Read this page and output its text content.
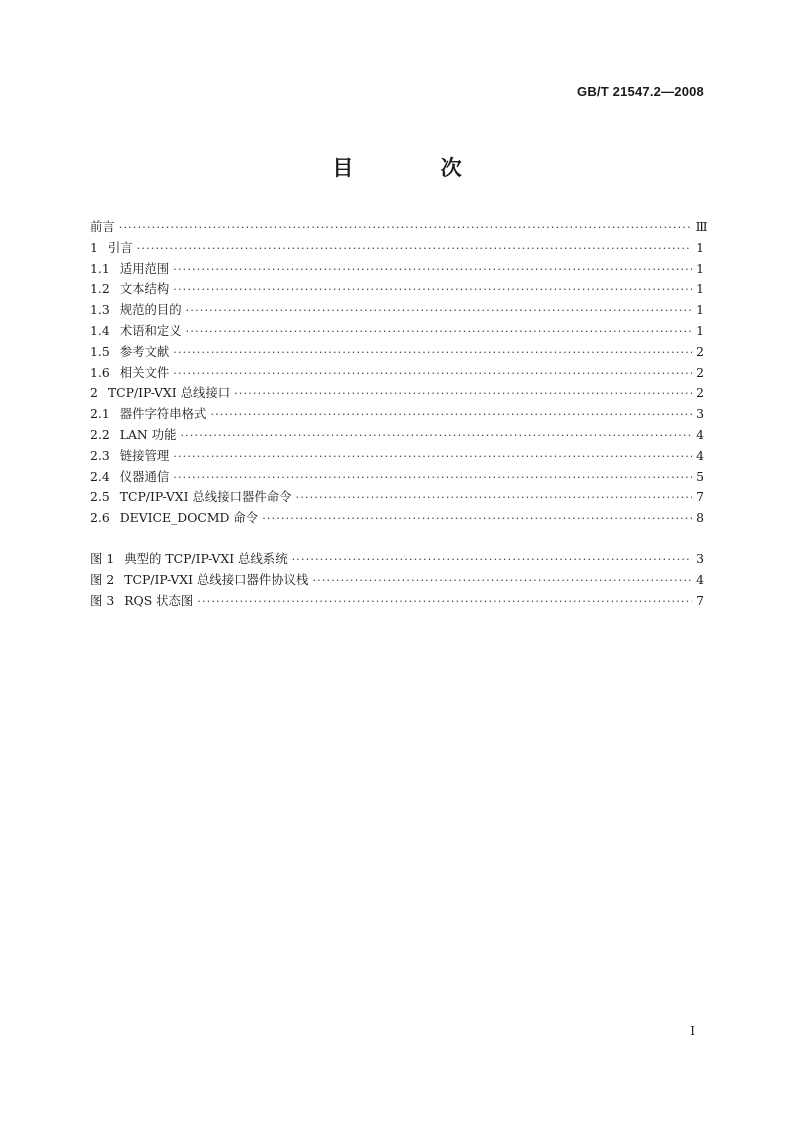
GB/T 21547.2—2008
目 次
前言 ·····	Ⅲ
1 引言 ·····	1
1.1 适用范围 ·····	1
1.2 文本结构 ·····	1
1.3 规范的目的 ·····	1
1.4 术语和定义 ·····	1
1.5 参考文献 ·····	2
1.6 相关文件 ·····	2
2 TCP/IP-VXI 总线接口 ·····	2
2.1 器件字符串格式 ·····	3
2.2 LAN 功能 ·····	4
2.3 链接管理 ·····	4
2.4 仪器通信 ·····	5
2.5 TCP/IP-VXI 总线接口器件命令 ·····	7
2.6 DEVICE_DOCMD 命令 ·····	8
图 1 典型的 TCP/IP-VXI 总线系统 ·····	3
图 2 TCP/IP-VXI 总线接口器件协议栈 ·····	4
图 3 RQS 状态图 ·····	7
I
